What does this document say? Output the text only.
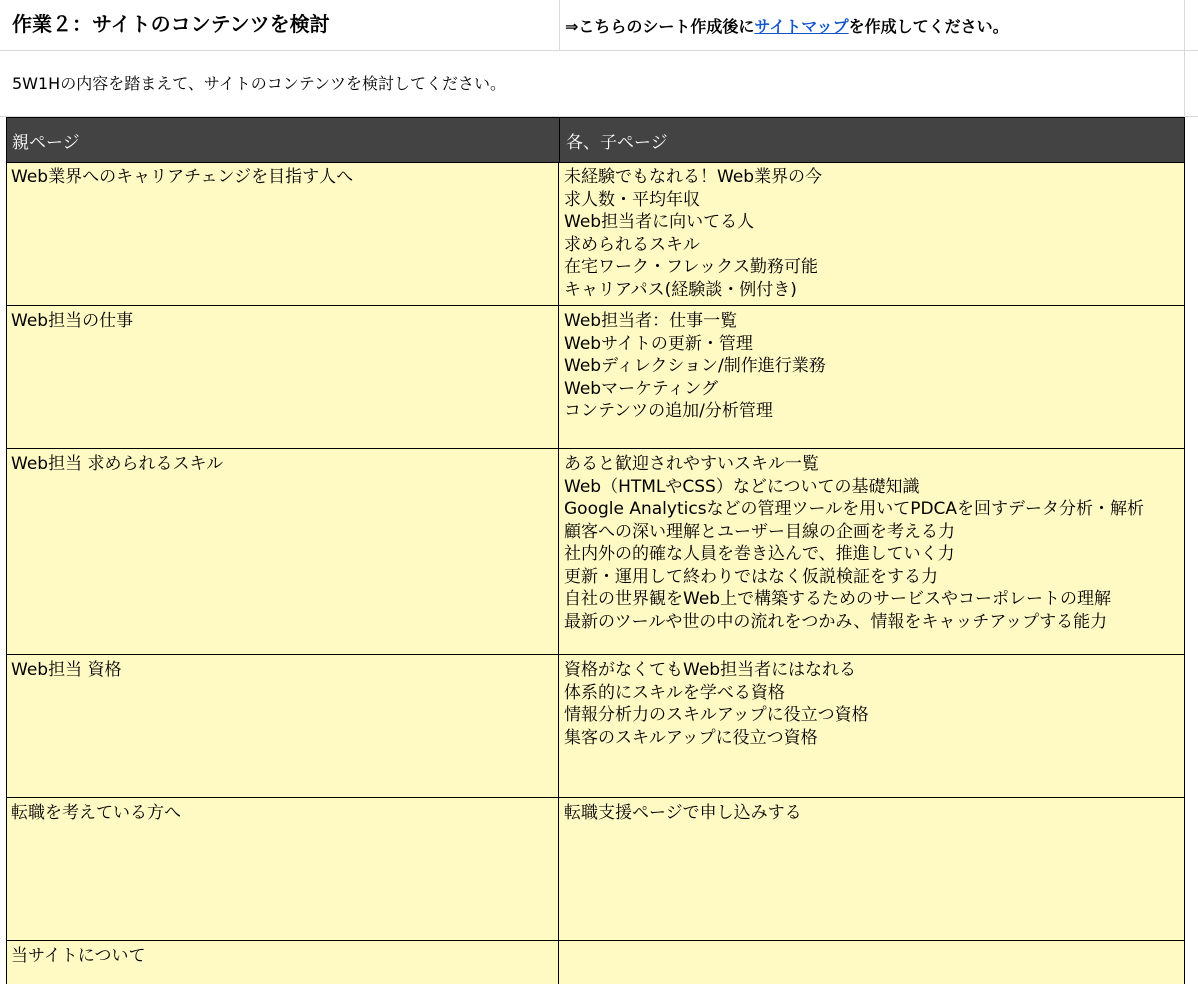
作業２：サイトのコンテンツを検討	⇒こちらのシート作成後にサイトマップを作成してください。
5W1Hの内容を踏まえて、サイトのコンテンツを検討してください。
親ページ	各、子ページ
Web業界へのキャリアチェンジを目指す人へ	未経験でもなれる！Web業界の今
求人数・平均年収
Web担当者に向いてる人
求められるスキル
在宅ワーク・フレックス勤務可能
キャリアパス(経験談・例付き)
Web担当の仕事	Web担当者：仕事一覧
Webサイトの更新・管理
Webディレクション/制作進行業務
Webマーケティング
コンテンツの追加/分析管理
Web担当 求められるスキル	あると歓迎されやすいスキル一覧
Web（HTMLやCSS）などについての基礎知識
Google Analyticsなどの管理ツールを用いてPDCAを回すデータ分析・解析
顧客への深い理解とユーザー目線の企画を考える力
社内外の的確な人員を巻き込んで、推進していく力
更新・運用して終わりではなく仮説検証をする力
自社の世界観をWeb上で構築するためのサービスやコーポレートの理解
最新のツールや世の中の流れをつかみ、情報をキャッチアップする能力
Web担当 資格	資格がなくてもWeb担当者にはなれる
体系的にスキルを学べる資格
情報分析力のスキルアップに役立つ資格
集客のスキルアップに役立つ資格
転職を考えている方へ	転職支援ページで申し込みする
当サイトについて
